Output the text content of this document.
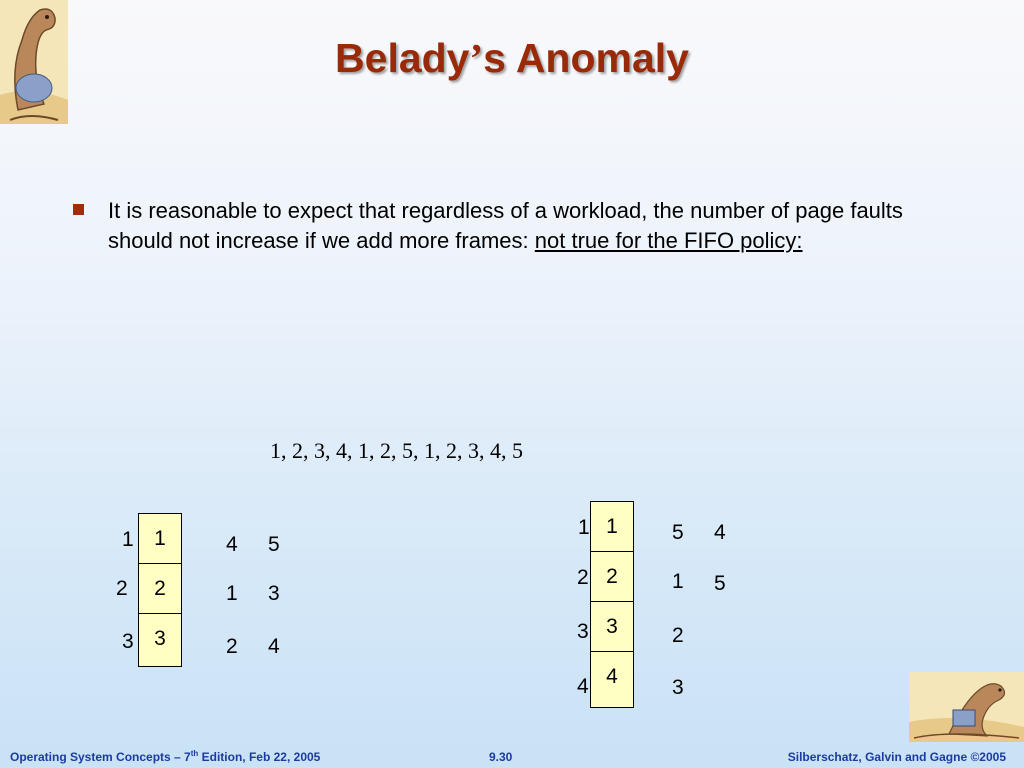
Belady’s Anomaly
It is reasonable to expect that regardless of a workload, the number of page faults should not increase if we add more frames: not true for the FIFO policy:
1, 2, 3, 4, 1, 2, 5, 1, 2, 3, 4, 5
1
2
3
1
2
3
4 5
1 3
2 4
1
2
3
4
1
2
3
4
5 4
1 5
2
3
Operating System Concepts – 7th Edition, Feb 22, 2005	9.30	Silberschatz, Galvin and Gagne ©2005
